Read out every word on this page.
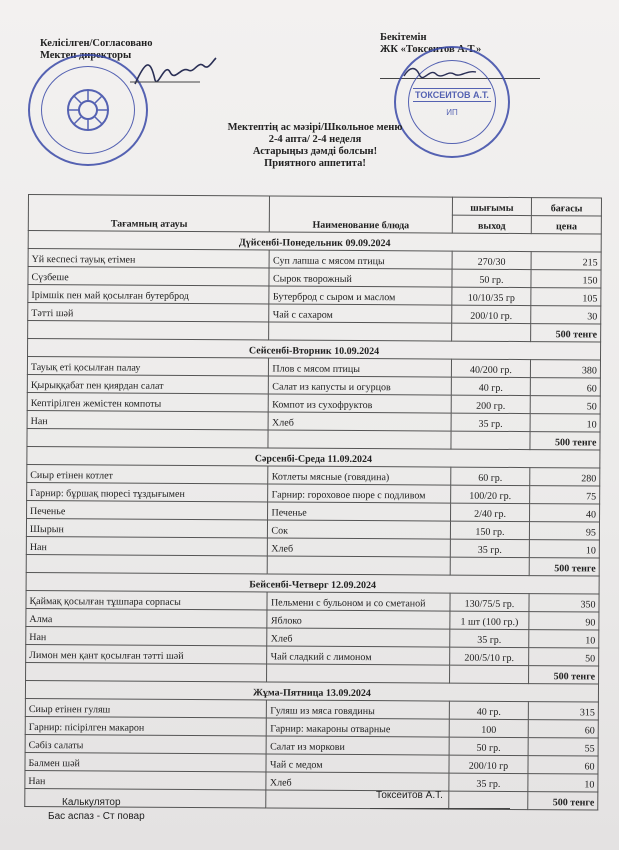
Келісілген/Согласовано
Мектеп директоры
Бекітемін
ЖК «Токсеитов А.Т.»
ТОКСЕИТОВ А.Т.
ИП
Мектептің ас мәзірі/Школьное меню
2-4 апта/ 2-4 неделя
Астарыңыз дәмді болсын!
Приятного аппетита!
Тағамның атауы	Наименование блюда	шығымы	бағасы
		выход	цена
Дүйсенбі-Понедельник 09.09.2024			
Үй кеспесі тауық етімен	Суп лапша с мясом птицы	270/30	215
Сүзбеше	Сырок творожный	50 гр.	150
Ірімшік пен май қосылған бутерброд	Бутерброд с сыром и маслом	10/10/35 гр	105
Тәтті шәй	Чай с сахаром	200/10 гр.	30
			500 тенге
Сейсенбі-Вторник 10.09.2024			
Тауық еті қосылған палау	Плов с мясом птицы	40/200 гр.	380
Қырыққабат пен қиярдан салат	Салат из капусты и огурцов	40 гр.	60
Кептірілген жемістен компоты	Компот из сухофруктов	200 гр.	50
Нан	Хлеб	35 гр.	10
			500 тенге
Сәрсенбі-Среда 11.09.2024			
Сиыр етінен котлет	Котлеты мясные (говядина)	60 гр.	280
Гарнир: бұршақ пюресі тұздығымен	Гарнир: гороховое пюре с подливом	100/20 гр.	75
Печенье	Печенье	2/40 гр.	40
Шырын	Сок	150 гр.	95
Нан	Хлеб	35 гр.	10
			500 тенге
Бейсенбі-Четверг 12.09.2024			
Қаймақ қосылған тұшпара сорпасы	Пельмени с бульоном и со сметаной	130/75/5 гр.	350
Алма	Яблоко	1 шт (100 гр.)	90
Нан	Хлеб	35 гр.	10
Лимон мен қант қосылған тәтті шәй	Чай сладкий с лимоном	200/5/10 гр.	50
			500 тенге
Жұма-Пятница 13.09.2024			
Сиыр етінен гуляш	Гуляш из мяса говядины	40 гр.	315
Гарнир: пісірілген макарон	Гарнир: макароны отварные	100	60
Сәбіз салаты	Салат из моркови	50 гр.	55
Балмен шәй	Чай с медом	200/10 гр	60
Нан	Хлеб	35 гр.	10
			500 тенге
Калькулятор
Бас аспаз - Ст повар
Токсеитов А.Т.
